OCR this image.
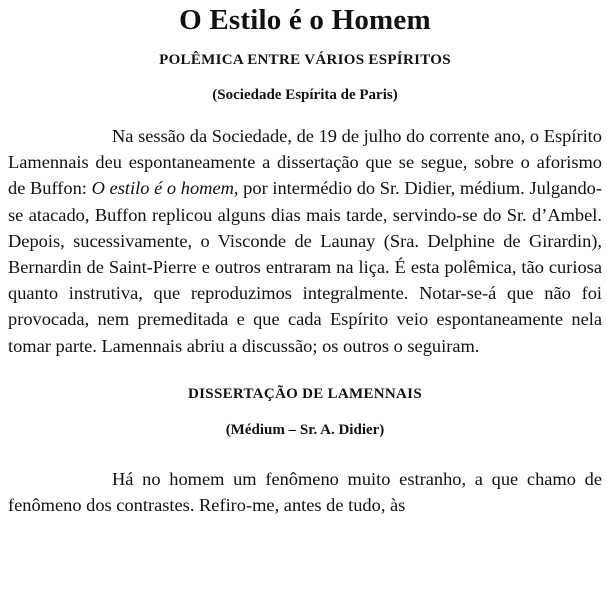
O Estilo é o Homem
POLÊMICA ENTRE VÁRIOS ESPÍRITOS
(Sociedade Espírita de Paris)

Na sessão da Sociedade, de 19 de julho do corrente ano, o Espírito Lamennais deu espontaneamente a dissertação que se segue, sobre o aforismo de Buffon: O estilo é o homem, por intermédio do Sr. Didier, médium. Julgando-se atacado, Buffon replicou alguns dias mais tarde, servindo-se do Sr. d’Ambel. Depois, sucessivamente, o Visconde de Launay (Sra. Delphine de Girardin), Bernardin de Saint-Pierre e outros entraram na liça. É esta polêmica, tão curiosa quanto instrutiva, que reproduzimos integralmente. Notar-se-á que não foi provocada, nem premeditada e que cada Espírito veio espontaneamente nela tomar parte. Lamennais abriu a discussão; os outros o seguiram.

DISSERTAÇÃO DE LAMENNAIS
(Médium – Sr. A. Didier)

Há no homem um fenômeno muito estranho, a que chamo de fenômeno dos contrastes. Refiro-me, antes de tudo, às
